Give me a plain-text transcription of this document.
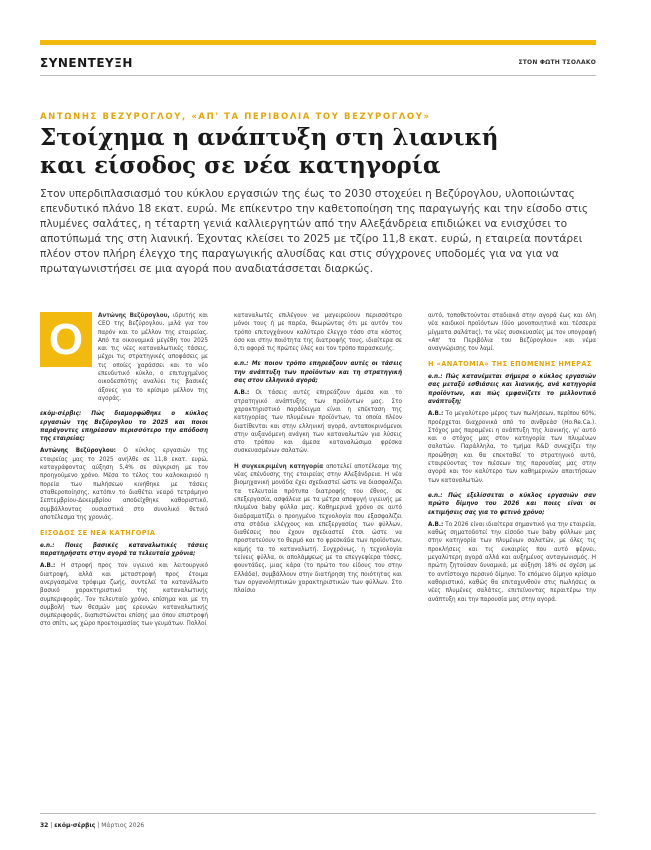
ΣΥΝΕΝΤΕΥΞΗ	ΣΤΟΝ ΦΩΤΗ ΤΣΟΛΑΚΟ
ΑΝΤΩΝΗΣ ΒΕΖΥΡΟΓΛΟΥ, «ΑΠ' ΤΑ ΠΕΡΙΒΟΛΙΑ ΤΟΥ ΒΕΖΥΡΟΓΛΟΥ»
Στοίχημα η ανάπτυξη στη λιανική
και είσοδος σε νέα κατηγορία

Στον υπερδιπλασιασμό του κύκλου εργασιών της έως το 2030 στοχεύει η Βεζύρογλου, υλοποιώντας επενδυτικό πλάνο 18 εκατ. ευρώ. Με επίκεντρο την καθετοποίηση της παραγωγής και την είσοδο στις πλυμένες σαλάτες, η τέταρτη γενιά καλλιεργητών από την Αλεξάνδρεια επιδιώκει να ενισχύσει το αποτύπωμά της στη λιανική. Έχοντας κλείσει το 2025 με τζίρο 11,8 εκατ. ευρώ, η εταιρεία ποντάρει πλέον στον πλήρη έλεγχο της παραγωγικής αλυσίδας και στις σύγχρονες υποδομές για να για να πρωταγωνιστήσει σε μια αγορά που αναδιατάσσεται διαρκώς.

Ο	Αντώνης Βεζύρογλου, ιδρυτής και CEO της Βεζύρογλου, μιλά για τον παρόν και το μέλλον της εταιρείας. Από τα οικονομικά μεγέθη του 2025 και τις νέες καταναλωτικές τάσεις, μέχρι τις στρατηγικές αποφάσεις με τις οποίες χαράσσει και το νέο επενδυτικό κύκλο, ο επιτυχηµένος οικοδεσπότης αναλύει τις βασικές άξονες για το κρίσιμο μέλλον της αγοράς.

εκόµ-σέρβις: Πώς διαµορφώθηκε ο κύκλος εργασιών της Βεζύρογλου το 2025 και ποιοι παράγοντες επηρέασαν περισσότερο την απόδοση της εταιρείας;

Αντώνης Βεζύρογλου: Ο κύκλος εργασιών της εταιρείας μας το 2025 ανήλθε σε 11,8 εκατ. ευρώ, καταγράφοντας αύξηση 5,4% σε σύγκριση με τον προηγούμενο χρόνο. Μέσα το τέλος του καλοκαιριού η πορεία των πωλήσεων κινήθηκε με τάσεις σταθεροποίησης, κατόπιν το διαθέτει νεαρό τετράμηνο Σεπτεμβρίου-Δεκεμβρίου αποδείχθηκε καθοριστικό, συμβάλλοντας ουσιαστικά στο συνολικό θετικό αποτέλεσμα της χρονιάς.

ΕΙΣΟΔΟΣ ΣΕ ΝΕΑ ΚΑΤΗΓΟΡΙΑ

e.n.: Ποιες βασικές καταναλωτικές τάσεις παρατηρήσατε στην αγορά τα τελευταία χρόνια;

Α.Β.: Η στροφή προς τον υγιεινό και λειτουργικό διατροφή, αλλά και μεταστροφή προς έτοιμα ανεργασμένα τρόφιμα ζωής, συντελεί τα κατανάλωτο βασικό χαρακτηριστικό της καταναλωτικής συμπεριφοράς. Τον τελευταίο χρόνο, επίσημα και με τη συμβολή των θεσμών μας ερευνών καταναλωτικής συμπεριφοράς, διαπιστώνεται επίσης μια όπου επιστροφή στο σπίτι, ως χώρο προετοιμασίας των γευμάτων. Πολλοί

καταναλωτές επιλέγουν να μαγειρεύουν περισσότερο μόνοι τους ή με παρέα, θεωρώντας ότι με αυτόν τον τρόπο επιτυγχάνουν καλύτερο έλεγχο τόσο στα κόστος όσο και στην ποιότητα της διατροφής τους, ιδιαίτερα σε ό,τι αφορά τις πρώτες ύλες και τον τρόπο παρασκευής.

e.n.: Με ποιον τρόπο επηρεάζουν αυτές οι τάσεις την ανάπτυξη των προϊόντων και τη στρατηγική σας στον ελληνικό αγορά;

Α.Β.: Οι τάσεις αυτές επηρεάζουν άμεσα και το στρατηγικό ανάπτυξης των προϊόντων μας. Στο χαρακτηριστικό παράδειγμα είναι η επέκταση της κατηγορίας των πλυμένων προϊόντων, τα οποία πλέον διατίθενται και στην ελληνική αγορά, ανταποκρινόμενοι στην αυξανόμενη ανάγκη των καταναλωτών για λύσεις στο τρόπου και άμεσα καταναλώσιμα φρέσκα συσκευασμένων σαλατών.

Η συγκεκριμένη κατηγορία αποτελεί αποτέλεσμα της νέας επένδυσης της εταιρείας στην Αλεξάνδρεια. Η νέα βιομηχανική μονάδα έχει σχεδιαστεί ώστε να διασφαλίζει τα τελευταία πρότυπα διατροφής του έθνος, σε επεξεργασία, ασφάλεια με τα μέτρα αποφυγή υγιεινής με πλυμένα baby φύλλα μας. Καθημερινά χρόνο σε αυτό διαδραματίζει ο προηγμένο τεχνολογία που εξασφαλίζει στα στάδια ελέγχους και επεξεργασίας των φύλλων, διαθέσεις που έχουν σχεδιαστεί έτσι ώστε να προστατεύουν το θερμό και το φρεσκάδα των προϊόντων, καμής τα το καταναλωτή. Συγχρόνως, η τεχνολογία τείνεις φύλλα, οι απολάμψεως με τα επεγγεφίερα τόσες, φουντάδες, μιας κάρα (το πρώτο του είδους του στην Ελλάδα), συμβάλλουν στην διατήρηση της ποιότητας και των οργανοληπτικών χαρακτηριστικών των φύλλων. Στο πλαίσιο

αυτό, τοποθετούνται σταδιακά στην αγορά έως και όλη νέα καιδικοί προϊόντων (δύο μονοποιητικά και τέσσερα μίγματα σαλάτας), τα νέες συσκευασίες με τον υπογραφή «Απ' τα Περιβόλια του Βεζύρογλου» και νέμα αναγνώρισης τον λαμί.

Η «ΑΝΑΤΟΜΙΑ» ΤΗΣ ΕΠΟΜΕΝΗΣ ΗΜΕΡΑΣ

e.n.: Πώς κατανέμεται σήμερα ο κύκλος εργασιών σας μεταξύ εσθιάσεις και λιανικής, ανά κατηγορία προϊόντων, και πώς εμφανίζετε το μελλοντικό ανάπτυξη;

Α.Β.: Το μεγαλύτερο μέρος των πωλήσεων, περίπου 60%, προέρχεται διαχρονικά από το σινθρεάσ (Ho.Re.Ca.). Στόχος μας παραμένει η ανάπτυξη της λιανικής, γι' αυτό και ο στόχος μας στον κατηγορία των πλυμένων σαλατών. Παράλληλα, το τμήμα R&D συνεχίζει την προώθηση και θα επεκταθεί το στρατηγικό αυτό, εταιρεύοντας τον πιέσεων της παρουσίας μας στην αγορά και τον καλύτερο των καθημερινών απαιτήσεων των καταναλωτών.

e.n.: Πώς εξελίσσεται ο κύκλος εργασιών σαν πρώτο δίμηνο του 2026 και ποιες είναι οι εκτιμήσεις σας για το φετινό χρόνο;

Α.Β.: Το 2026 είναι ιδιαίτερα σημαντικό για την εταιρεία, καθώς σηματοδοτεί την είσοδο των baby φύλλων μας στην κατηγορία των πλυμένων σαλατών, με όλες τις προκλήσεις και τις ευκαιρίες που αυτό φέρνει, μεγαλύτερη αγορά αλλά και αυξημένος ανταγωνισμός. Η πρώτη ζητούσαν δυναμικά, με αύξηση 18% σε σχέση με το αντίστοιχο περσινό δίμηνο. Το επόμενο δίμηνο κρίσιμο καθοριστικό, καθώς θα επιταχυνθούν στις πωλήσεις οι νέες πλυμένες σαλάτες, επιτείνοντας περαιτέρω την ανάπτυξη και την παρουσία μας στην αγορά.

32 | εκόµ-σέρβις | Μάρτιος 2026
